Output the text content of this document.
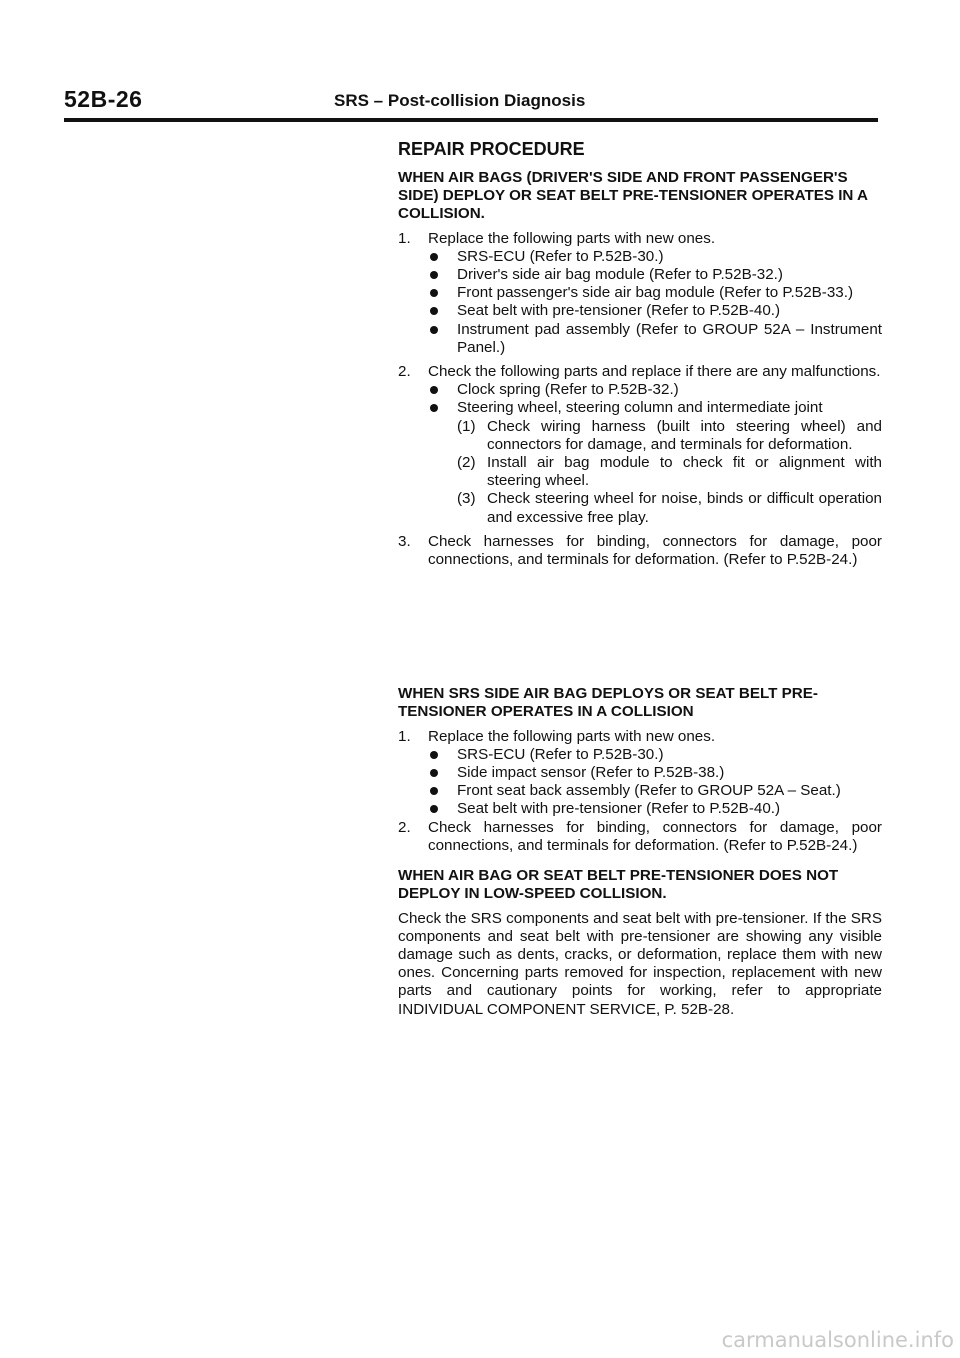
52B-26	SRS – Post-collision Diagnosis
REPAIR PROCEDURE
WHEN AIR BAGS (DRIVER'S SIDE AND FRONT PASSENGER'S SIDE) DEPLOY OR SEAT BELT PRE-TENSIONER OPERATES IN A COLLISION.
1. Replace the following parts with new ones.
SRS-ECU (Refer to P.52B-30.)
Driver's side air bag module (Refer to P.52B-32.)
Front passenger's side air bag module (Refer to P.52B-33.)
Seat belt with pre-tensioner (Refer to P.52B-40.)
Instrument pad assembly (Refer to GROUP 52A – Instrument Panel.)
2. Check the following parts and replace if there are any malfunctions.
Clock spring (Refer to P.52B-32.)
Steering wheel, steering column and intermediate joint
(1) Check wiring harness (built into steering wheel) and connectors for damage, and terminals for deformation.
(2) Install air bag module to check fit or alignment with steering wheel.
(3) Check steering wheel for noise, binds or difficult operation and excessive free play.
3. Check harnesses for binding, connectors for damage, poor connections, and terminals for deformation. (Refer to P.52B-24.)
WHEN SRS SIDE AIR BAG DEPLOYS OR SEAT BELT PRE-TENSIONER OPERATES IN A COLLISION
1. Replace the following parts with new ones.
SRS-ECU (Refer to P.52B-30.)
Side impact sensor (Refer to P.52B-38.)
Front seat back assembly (Refer to GROUP 52A – Seat.)
Seat belt with pre-tensioner (Refer to P.52B-40.)
2. Check harnesses for binding, connectors for damage, poor connections, and terminals for deformation. (Refer to P.52B-24.)
WHEN AIR BAG OR SEAT BELT PRE-TENSIONER DOES NOT DEPLOY IN LOW-SPEED COLLISION.

Check the SRS components and seat belt with pre-tensioner. If the SRS components and seat belt with pre-tensioner are showing any visible damage such as dents, cracks, or deformation, replace them with new ones. Concerning parts removed for inspection, replacement with new parts and cautionary points for working, refer to appropriate INDIVIDUAL COMPONENT SERVICE, P. 52B-28.

carmanualsonline.info
